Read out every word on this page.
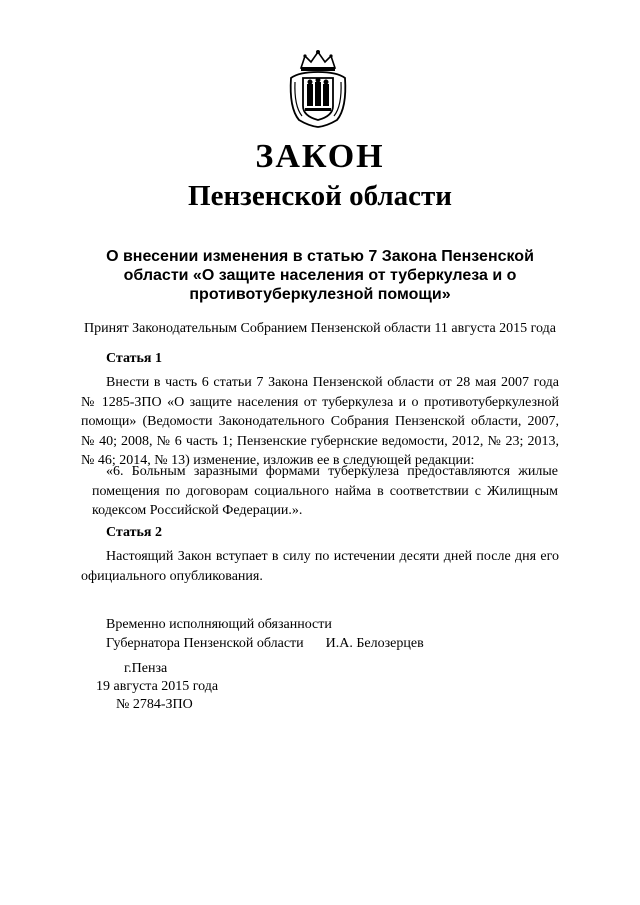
ЗАКОН
Пензенской области

О внесении изменения в статью 7 Закона Пензенской области «О защите населения от туберкулеза и о противотуберкулезной помощи»

Принят Законодательным Собранием Пензенской области 11 августа 2015 года

Статья 1

Внести в часть 6 статьи 7 Закона Пензенской области от 28 мая 2007 года № 1285-ЗПО «О защите населения от туберкулеза и о противотуберкулезной помощи» (Ведомости Законодательного Собрания Пензенской области, 2007, № 40; 2008, № 6 часть 1; Пензенские губернские ведомости, 2012, № 23; 2013, № 46; 2014, № 13) изменение, изложив ее в следующей редакции:

«6. Больным заразными формами туберкулеза предоставляются жилые помещения по договорам социального найма в соответствии с Жилищным кодексом Российской Федерации.».

Статья 2

Настоящий Закон вступает в силу по истечении десяти дней после дня его официального опубликования.

Временно исполняющий обязанности
Губернатора Пензенской области И.А. Белозерцев
г.Пенза
19 августа 2015 года
№ 2784-ЗПО
